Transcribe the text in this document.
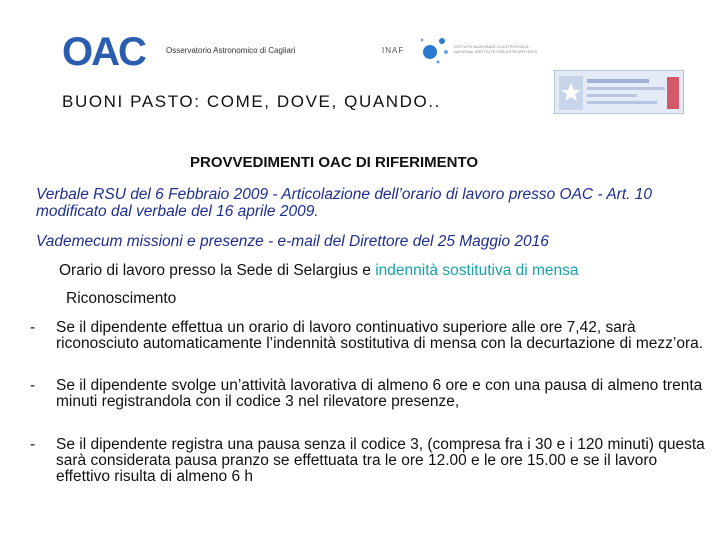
OAC	Osservatorio Astronomico di Cagliari	INAF	ISTITUTO NAZIONALE DI ASTROFISICA
NATIONAL INSTITUTE FOR ASTROPHYSICS
BUONI PASTO: COME, DOVE, QUANDO..
PROVVEDIMENTI OAC DI RIFERIMENTO
Verbale RSU del 6 Febbraio 2009 - Articolazione dell’orario di lavoro presso OAC - Art. 10 modificato dal verbale del 16 aprile 2009.
Vademecum missioni e presenze - e-mail del Direttore del 25 Maggio 2016
Orario di lavoro presso la Sede di Selargius e indennità sostitutiva di mensa
Riconoscimento
- Se il dipendente effettua un orario di lavoro continuativo superiore alle ore 7,42, sarà riconosciuto automaticamente l’indennità sostitutiva di mensa con la decurtazione di mezz’ora.
- Se il dipendente svolge un’attività lavorativa di almeno 6 ore e con una pausa di almeno trenta minuti registrandola con il codice 3 nel rilevatore presenze,
- Se il dipendente registra una pausa senza il codice 3, (compresa fra i 30 e i 120 minuti) questa sarà considerata pausa pranzo se effettuata tra le ore 12.00 e le ore 15.00 e se il lavoro effettivo risulta di almeno 6 h
